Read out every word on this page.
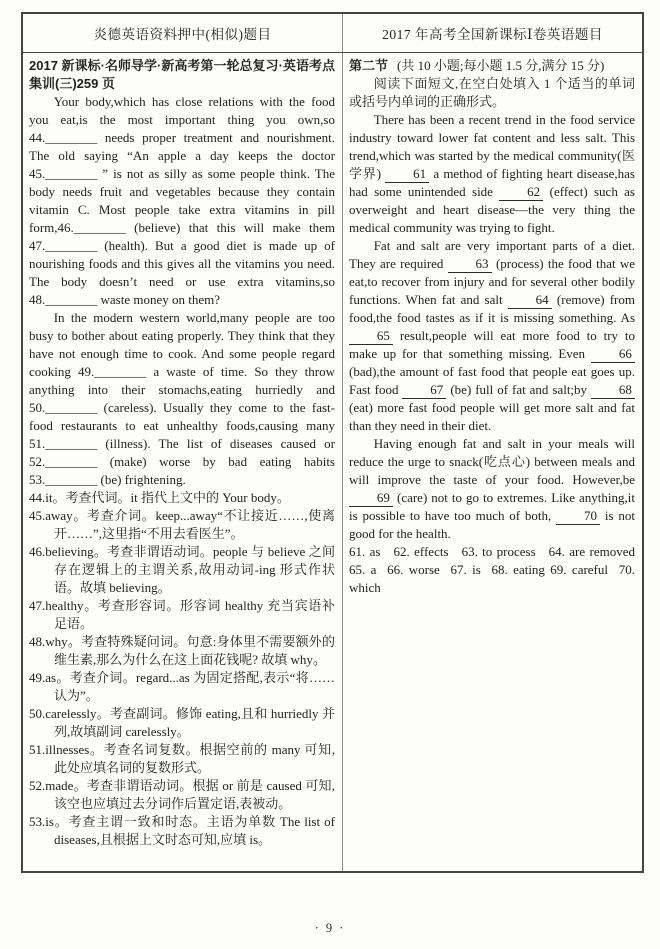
炎德英语资料押中(相似)题目	2017 年高考全国新课标Ⅰ卷英语题目

2017 新课标·名师导学·新高考第一轮总复习·英语考点集训(三)259 页

Your body,which has close relations with the food you eat,is the most important thing you own,so 44.________ needs proper treatment and nourishment. The old saying “An apple a day keeps the doctor 45.________ ” is not as silly as some people think. The body needs fruit and vegetables because they contain vitamin C. Most people take extra vitamins in pill form,46.________ (believe) that this will make them 47.________ (health). But a good diet is made up of nourishing foods and this gives all the vitamins you need. The body doesn’t need or use extra vitamins,so 48.________ waste money on them?

In the modern western world,many people are too busy to bother about eating properly. They think that they have not enough time to cook. And some people regard cooking 49.________ a waste of time. So they throw anything into their stomachs,eating hurriedly and 50.________ (careless). Usually they come to the fast-food restaurants to eat unhealthy foods,causing many 51.________ (illness). The list of diseases caused or 52.________ (make) worse by bad eating habits 53.________ (be) frightening.

44.it。考查代词。it 指代上文中的 Your body。

45.away。考查介词。keep...away“不让接近……,使离开……”,这里指“不用去看医生”。

46.believing。考查非谓语动词。people 与 believe 之间存在逻辑上的主谓关系,故用动词-ing 形式作状语。故填 believing。

47.healthy。考查形容词。形容词 healthy 充当宾语补足语。

48.why。考查特殊疑问词。句意:身体里不需要额外的维生素,那么为什么在这上面花钱呢? 故填 why。

49.as。考查介词。regard...as 为固定搭配,表示“将……认为”。

50.carelessly。考查副词。修饰 eating,且和 hurriedly 并列,故填副词 carelessly。

51.illnesses。考查名词复数。根据空前的 many 可知,此处应填名词的复数形式。

52.made。考查非谓语动词。根据 or 前是 caused 可知,该空也应填过去分词作后置定语,表被动。

53.is。考查主谓一致和时态。主语为单数 The list of diseases,且根据上文时态可知,应填 is。

第二节 (共 10 小题;每小题 1.5 分,满分 15 分)

阅读下面短文,在空白处填入 1 个适当的单词或括号内单词的正确形式。

There has been a recent trend in the food service industry toward lower fat content and less salt. This trend,which was started by the medical community(医学界) 61 a method of fighting heart disease,has had some unintended side 62 (effect) such as overweight and heart disease—the very thing the medical community was trying to fight.

Fat and salt are very important parts of a diet. They are required 63 (process) the food that we eat,to recover from injury and for several other bodily functions. When fat and salt 64 (remove) from food,the food tastes as if it is missing something. As 65 result,people will eat more food to try to make up for that something missing. Even 66 (bad),the amount of fast food that people eat goes up. Fast food 67 (be) full of fat and salt;by 68 (eat) more fast food people will get more salt and fat than they need in their diet.

Having enough fat and salt in your meals will reduce the urge to snack(吃点心) between meals and will improve the taste of your food. However,be 69 (care) not to go to extremes. Like anything,it is possible to have too much of both, 70 is not good for the health.

61. as   62. effects   63. to process   64. are removed  65. a  66. worse  67. is  68. eating 69. careful  70. which

· 9 ·
